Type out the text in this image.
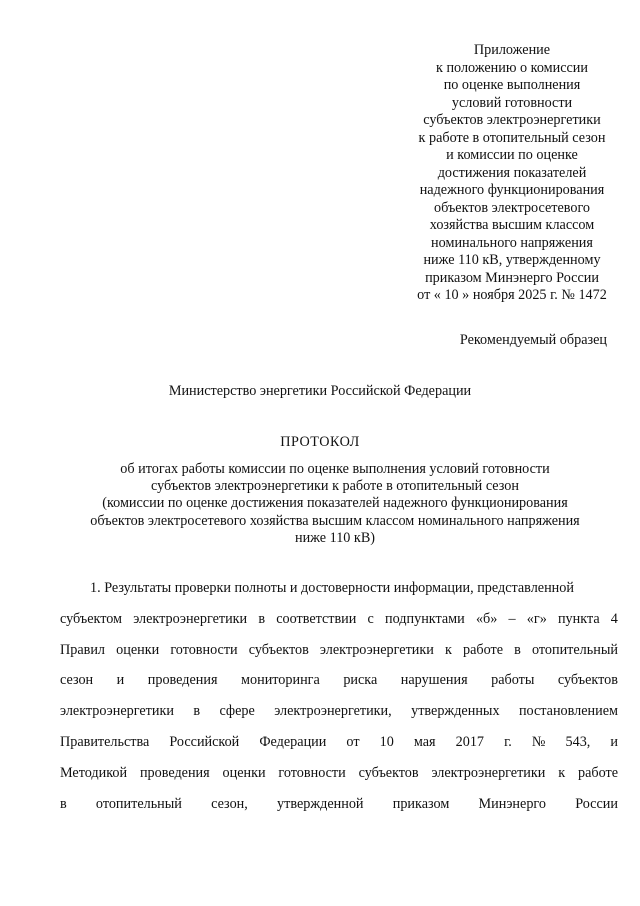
Приложение
к положению о комиссии
по оценке выполнения
условий готовности
субъектов электроэнергетики
к работе в отопительный сезон
и комиссии по оценке
достижения показателей
надежного функционирования
объектов электросетевого
хозяйства высшим классом
номинального напряжения
ниже 110 кВ, утвержденному
приказом Минэнерго России
от « 10 » ноября 2025 г. № 1472
Рекомендуемый образец
Министерство энергетики Российской Федерации
ПРОТОКОЛ
об итогах работы комиссии по оценке выполнения условий готовности
субъектов электроэнергетики к работе в отопительный сезон
(комиссии по оценке достижения показателей надежного функционирования
объектов электросетевого хозяйства высшим классом номинального напряжения
ниже 110 кВ)
1. Результаты проверки полноты и достоверности информации, представленной
субъектом электроэнергетики в соответствии с подпунктами «б» – «г» пункта 4
Правил оценки готовности субъектов электроэнергетики к работе в отопительный
сезон и проведения мониторинга риска нарушения работы субъектов
электроэнергетики в сфере электроэнергетики, утвержденных постановлением
Правительства Российской Федерации от 10 мая 2017 г. № 543, и
Методикой проведения оценки готовности субъектов электроэнергетики к работе
в отопительный сезон, утвержденной приказом Минэнерго России
